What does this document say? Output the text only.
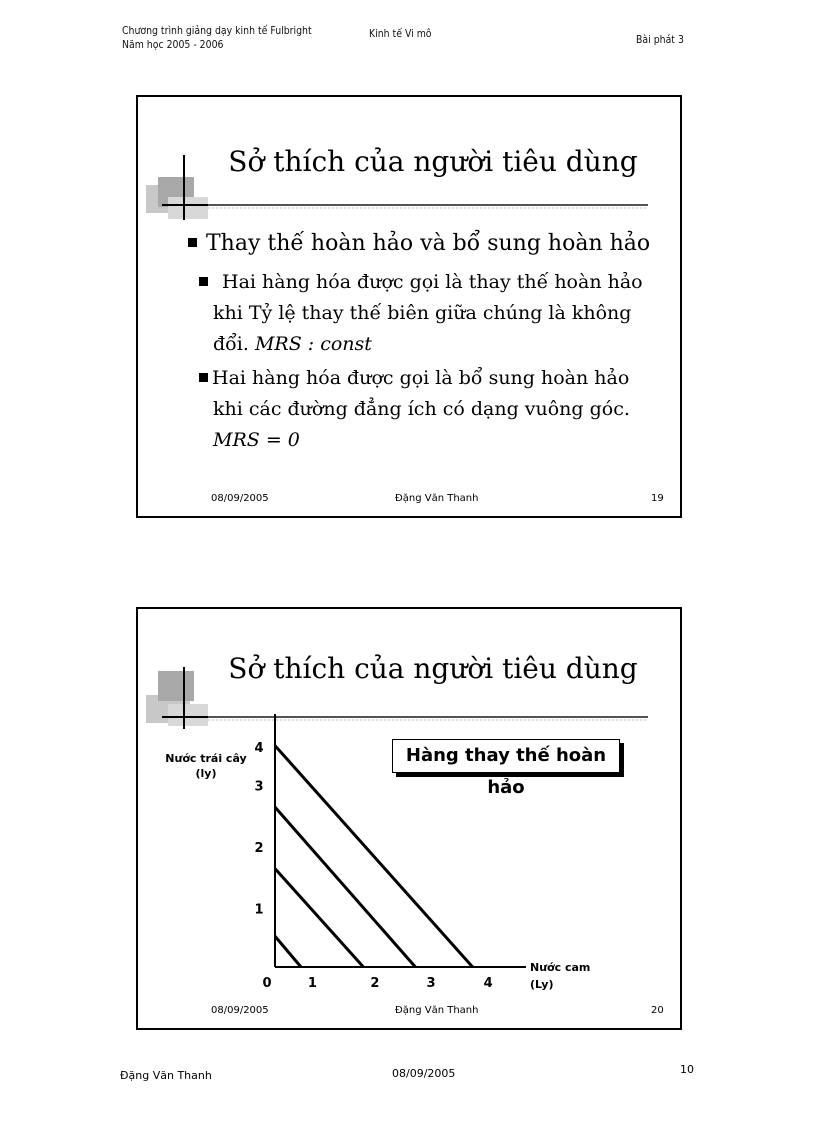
Chương trình giảng dạy kinh tế Fulbright
Năm học 2005 - 2006
Kinh tế Vi mô	Bài phát 3
Sở thích của người tiêu dùng
Thay thế hoàn hảo và bổ sung hoàn hảo
Hai hàng hóa được gọi là thay thế hoàn hảo khi Tỷ lệ thay thế biên giữa chúng là không đổi. MRS : const
Hai hàng hóa được gọi là bổ sung hoàn hảo khi các đường đẳng ích có dạng vuông góc. MRS = 0
08/09/2005	Đặng Văn Thanh	19
Sở thích của người tiêu dùng
Nước trái cây
(ly)
Nước cam
(Ly)
0	1	2	3	4
1
2
3
4	Hàng thay thế hoàn hảo
08/09/2005	Đặng Văn Thanh	20
Đặng Văn Thanh	08/09/2005	10
